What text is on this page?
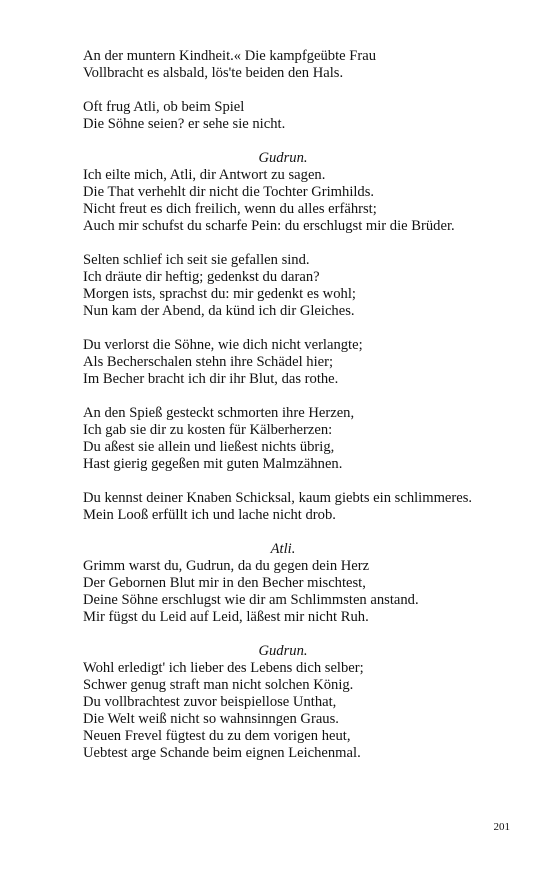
An der muntern Kindheit.« Die kampfgeübte Frau
Vollbracht es alsbald, lös'te beiden den Hals.
Oft frug Atli, ob beim Spiel
Die Söhne seien? er sehe sie nicht.
Gudrun.
Ich eilte mich, Atli, dir Antwort zu sagen.
Die That verhehlt dir nicht die Tochter Grimhilds.
Nicht freut es dich freilich, wenn du alles erfährst;
Auch mir schufst du scharfe Pein: du erschlugst mir die Brüder.
Selten schlief ich seit sie gefallen sind.
Ich dräute dir heftig; gedenkst du daran?
Morgen ists, sprachst du: mir gedenkt es wohl;
Nun kam der Abend, da künd ich dir Gleiches.
Du verlorst die Söhne, wie dich nicht verlangte;
Als Becherschalen stehn ihre Schädel hier;
Im Becher bracht ich dir ihr Blut, das rothe.
An den Spieß gesteckt schmorten ihre Herzen,
Ich gab sie dir zu kosten für Kälberherzen:
Du aßest sie allein und ließest nichts übrig,
Hast gierig gegeßen mit guten Malmzähnen.
Du kennst deiner Knaben Schicksal, kaum giebts ein schlimmeres.
Mein Looß erfüllt ich und lache nicht drob.
Atli.
Grimm warst du, Gudrun, da du gegen dein Herz
Der Gebornen Blut mir in den Becher mischtest,
Deine Söhne erschlugst wie dir am Schlimmsten anstand.
Mir fügst du Leid auf Leid, läßest mir nicht Ruh.
Gudrun.
Wohl erledigt' ich lieber des Lebens dich selber;
Schwer genug straft man nicht solchen König.
Du vollbrachtest zuvor beispiellose Unthat,
Die Welt weiß nicht so wahnsinngen Graus.
Neuen Frevel fügtest du zu dem vorigen heut,
Uebtest arge Schande beim eignen Leichenmal.
201
